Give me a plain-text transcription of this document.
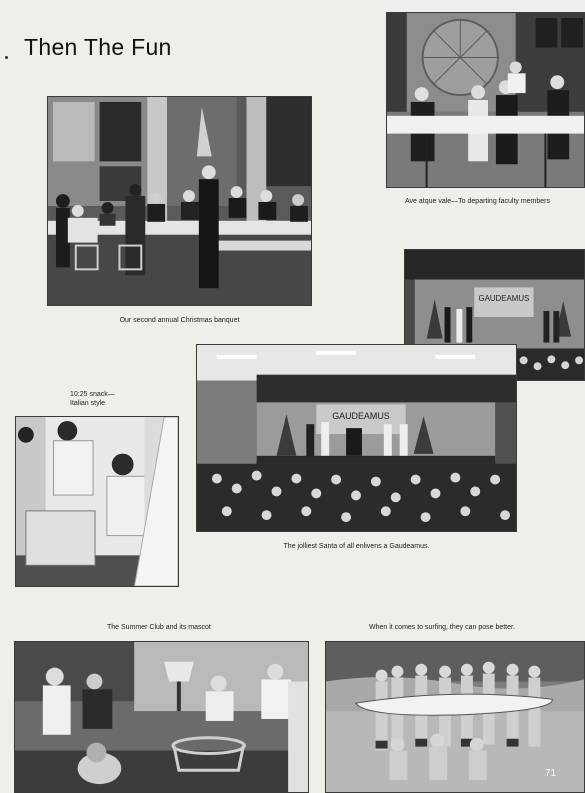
Then The Fun
Our second annual Christmas banquet
Ave atque vale—To departing faculty members
GAUDEAMUS
10:25 snack—
Italian style
GAUDEAMUS
The jolliest Santa of all enlivens a Gaudeamus.
The Summer Club and its mascot	When it comes to surfing, they can pose better.
71
